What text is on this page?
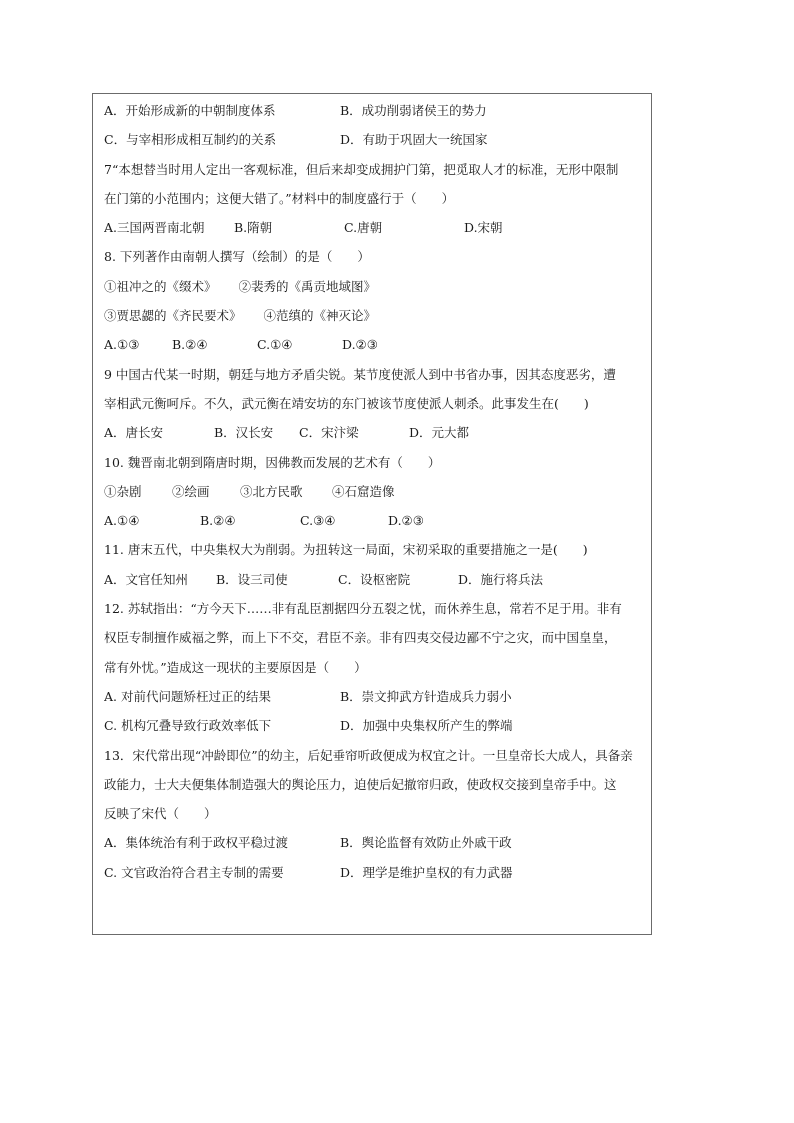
A．开始形成新的中朝制度体系	B．成功削弱诸侯王的势力
C．与宰相形成相互制约的关系	D．有助于巩固大一统国家
7“本想替当时用人定出一客观标准，但后来却变成拥护门第，把觅取人才的标准，无形中限制
在门第的小范围内；这便大错了。”材料中的制度盛行于（　　）
A.三国两晋南北朝	B.隋朝	C.唐朝	D.宋朝
8. 下列著作由南朝人撰写（绘制）的是（　　）
①祖冲之的《缀术》 ②裴秀的《禹贡地域图》
③贾思勰的《齐民要术》 ④范缜的《神灭论》
A.①③	B.②④	C.①④	D.②③
9 中国古代某一时期，朝廷与地方矛盾尖锐。某节度使派人到中书省办事，因其态度恶劣，遭
宰相武元衡呵斥。不久，武元衡在靖安坊的东门被该节度使派人刺杀。此事发生在(　　)
A．唐长安	B．汉长安	C．宋汴梁	D．元大都
10. 魏晋南北朝到隋唐时期，因佛教而发展的艺术有（　　）
①杂剧	②绘画	③北方民歌	④石窟造像
A.①④	B.②④	C.③④	D.②③
11. 唐末五代，中央集权大为削弱。为扭转这一局面，宋初采取的重要措施之一是(　　)
A．文官任知州	B．设三司使	C．设枢密院	D．施行将兵法
12. 苏轼指出：“方今天下……非有乱臣割据四分五裂之忧，而休养生息，常若不足于用。非有
权臣专制擅作威福之弊，而上下不交，君臣不亲。非有四夷交侵边鄙不宁之灾，而中国皇皇，
常有外忧。”造成这一现状的主要原因是（　　）
A. 对前代问题矫枉过正的结果	B．崇文抑武方针造成兵力弱小
C. 机构冗叠导致行政效率低下	D．加强中央集权所产生的弊端
13．宋代常出现“冲龄即位”的幼主，后妃垂帘听政便成为权宜之计。一旦皇帝长大成人，具备亲
政能力，士大夫便集体制造强大的舆论压力，迫使后妃撤帘归政，使政权交接到皇帝手中。这
反映了宋代（　　）
A．集体统治有利于政权平稳过渡	B．舆论监督有效防止外戚干政
C. 文官政治符合君主专制的需要	D．理学是维护皇权的有力武器
